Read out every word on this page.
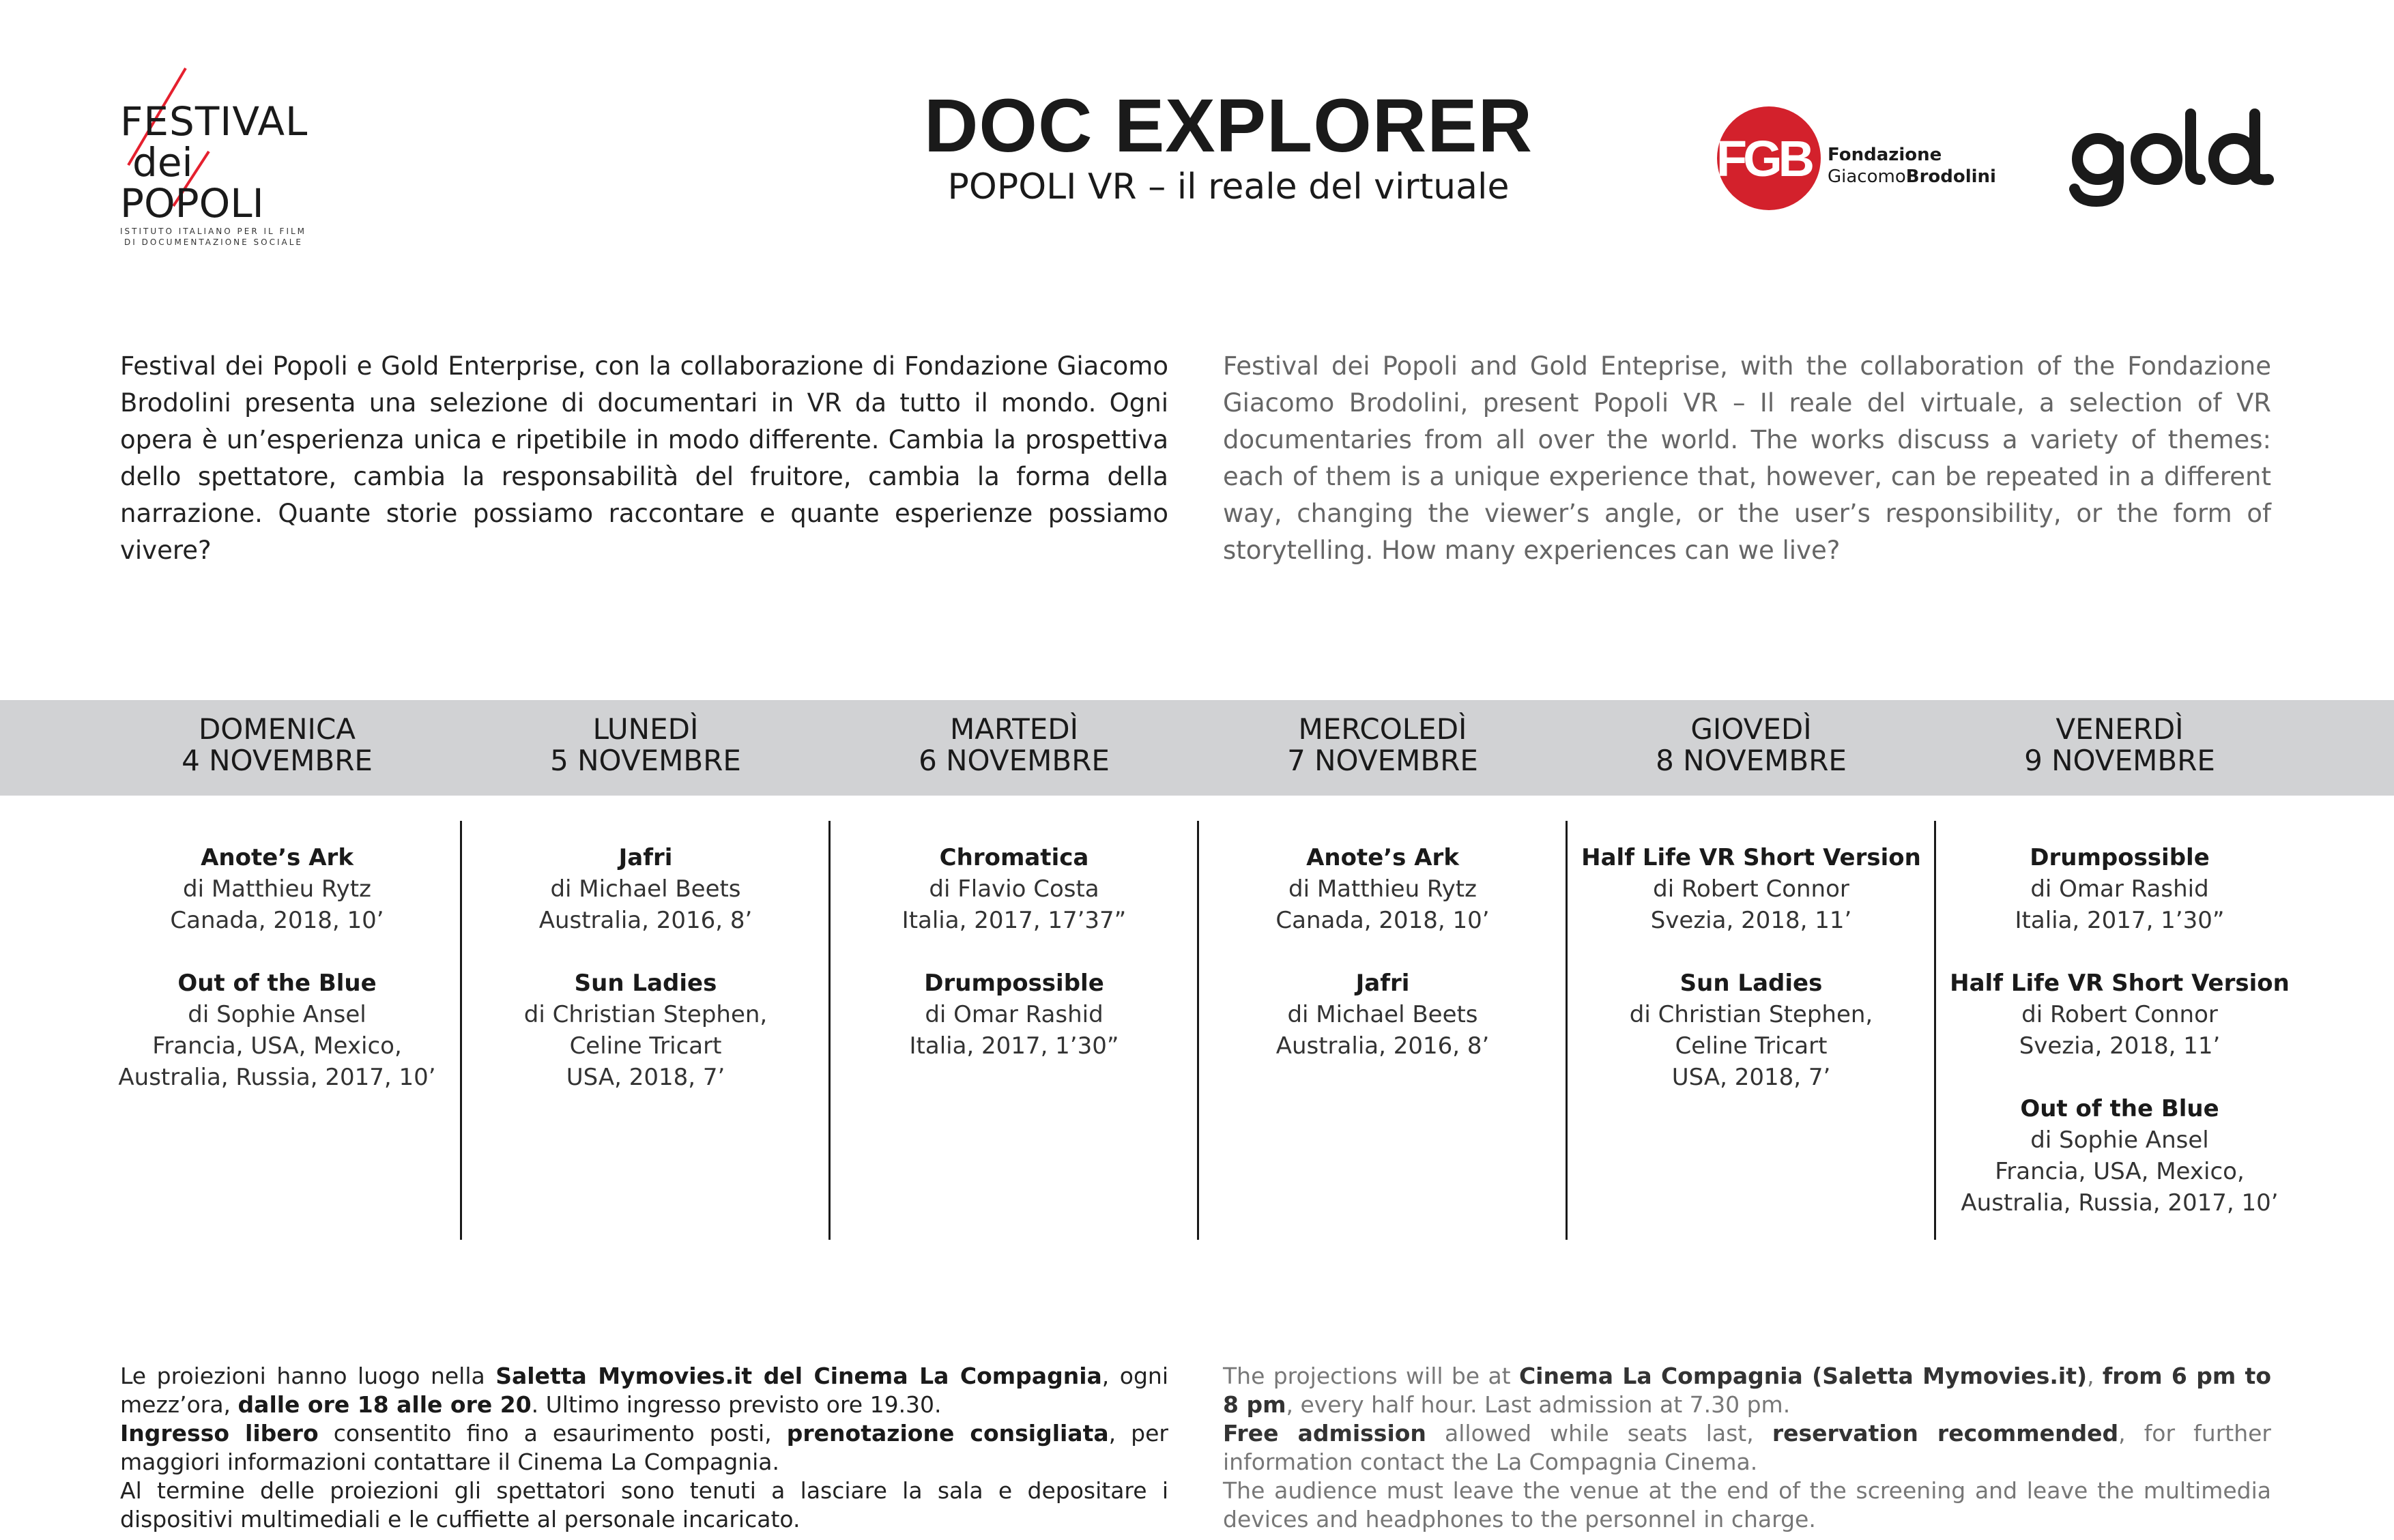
FESTIVAL
dei
POPOLI
ISTITUTO ITALIANO PER IL FILM
DI DOCUMENTAZIONE SOCIALE
DOC EXPLORER
POPOLI VR – il reale del virtuale	FGB Fondazione
GiacomoBrodolini
Festival dei Popoli e Gold Enterprise, con la collaborazione di Fondazione Giacomo Brodolini presenta una selezione di documentari in VR da tutto il mondo. Ogni opera è un’esperienza unica e ripetibile in modo differente. Cambia la prospettiva dello spettatore, cambia la responsabilità del fruitore, cambia la forma della narrazione. Quante storie possiamo raccontare e quante esperienze possiamo vivere?
Festival dei Popoli and Gold Enteprise, with the collaboration of the Fondazione Giacomo Brodolini, present Popoli VR – Il reale del virtuale, a selection of VR documentaries from all over the world. The works discuss a variety of themes: each of them is a unique experience that, however, can be repeated in a different way, changing the viewer’s angle, or the user’s responsibility, or the form of storytelling. How many experiences can we live?
DOMENICA
4 NOVEMBRE
LUNEDÌ
5 NOVEMBRE
MARTEDÌ
6 NOVEMBRE
MERCOLEDÌ
7 NOVEMBRE
GIOVEDÌ
8 NOVEMBRE
VENERDÌ
9 NOVEMBRE
Anote’s Ark
di Matthieu Rytz
Canada, 2018, 10’
Out of the Blue
di Sophie Ansel
Francia, USA, Mexico,
Australia, Russia, 2017, 10’
Jafri
di Michael Beets
Australia, 2016, 8’
Sun Ladies
di Christian Stephen,
Celine Tricart
USA, 2018, 7’
Chromatica
di Flavio Costa
Italia, 2017, 17’37”
Drumpossible
di Omar Rashid
Italia, 2017, 1’30”
Anote’s Ark
di Matthieu Rytz
Canada, 2018, 10’
Jafri
di Michael Beets
Australia, 2016, 8’
Half Life VR Short Version
di Robert Connor
Svezia, 2018, 11’
Sun Ladies
di Christian Stephen,
Celine Tricart
USA, 2018, 7’
Drumpossible
di Omar Rashid
Italia, 2017, 1’30”
Half Life VR Short Version
di Robert Connor
Svezia, 2018, 11’
Out of the Blue
di Sophie Ansel
Francia, USA, Mexico,
Australia, Russia, 2017, 10’
Le proiezioni hanno luogo nella Saletta Mymovies.it del Cinema La Compagnia, ogni mezz’ora, dalle ore 18 alle ore 20. Ultimo ingresso previsto ore 19.30.
Ingresso libero consentito fino a esaurimento posti, prenotazione consigliata, per maggiori informazioni contattare il Cinema La Compagnia.
Al termine delle proiezioni gli spettatori sono tenuti a lasciare la sala e depositare i dispositivi multimediali e le cuffiette al personale incaricato.
The projections will be at Cinema La Compagnia (Saletta Mymovies.it), from 6 pm to 8 pm, every half hour. Last admission at 7.30 pm.
Free admission allowed while seats last, reservation recommended, for further information contact the La Compagnia Cinema.
The audience must leave the venue at the end of the screening and leave the multimedia devices and headphones to the personnel in charge.
